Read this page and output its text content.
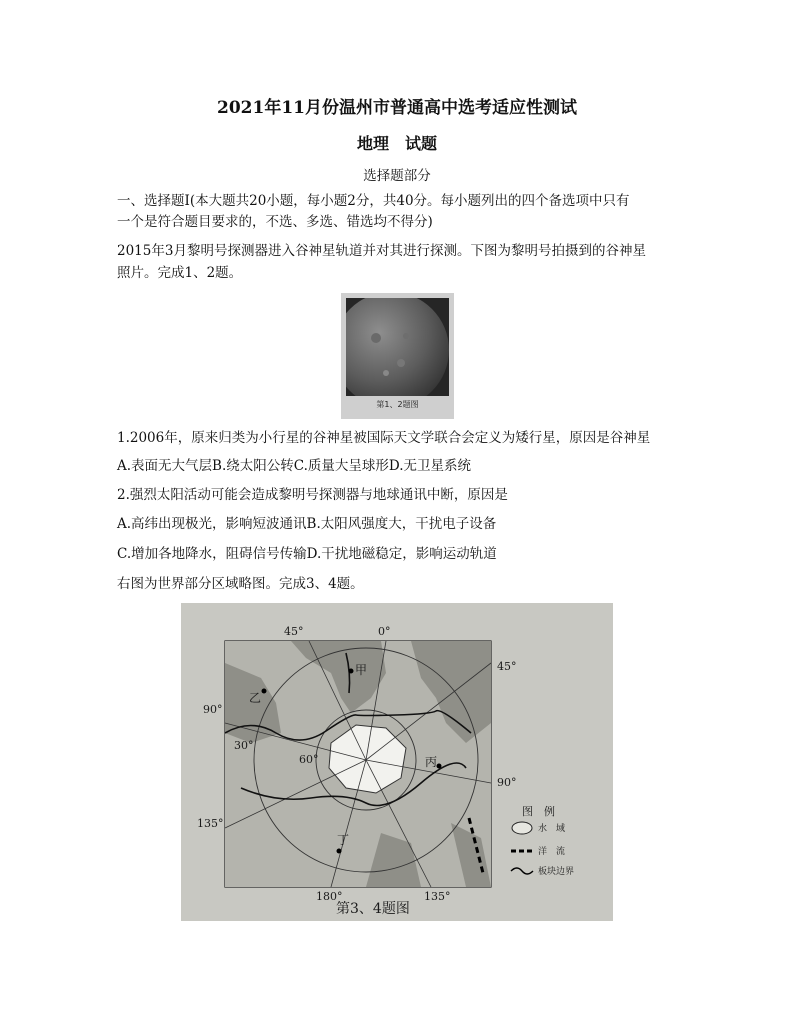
2021年11月份温州市普通高中选考适应性测试
地理　试题
选择题部分
一、选择题I(本大题共20小题，每小题2分，共40分。每小题列出的四个备选项中只有
一个是符合题目要求的，不选、多选、错选均不得分)
2015年3月黎明号探测器进入谷神星轨道并对其进行探测。下图为黎明号拍摄到的谷神星
照片。完成1、2题。
第1、2题图
1.2006年，原来归类为小行星的谷神星被国际天文学联合会定义为矮行星，原因是谷神星
A.表面无大气层B.绕太阳公转C.质量大呈球形D.无卫星系统
2.强烈太阳活动可能会造成黎明号探测器与地球通讯中断，原因是
A.高纬出现极光，影响短波通讯B.太阳风强度大，干扰电子设备
C.增加各地降水，阻碍信号传输D.干扰地磁稳定，影响运动轨道
右图为世界部分区域略图。完成3、4题。
45°	0°
45°
90°
90°
135°
180°	135°
30°
60°
甲
乙
丙
丁
图　例
水　域
洋　流
板块边界
第3、4题图
